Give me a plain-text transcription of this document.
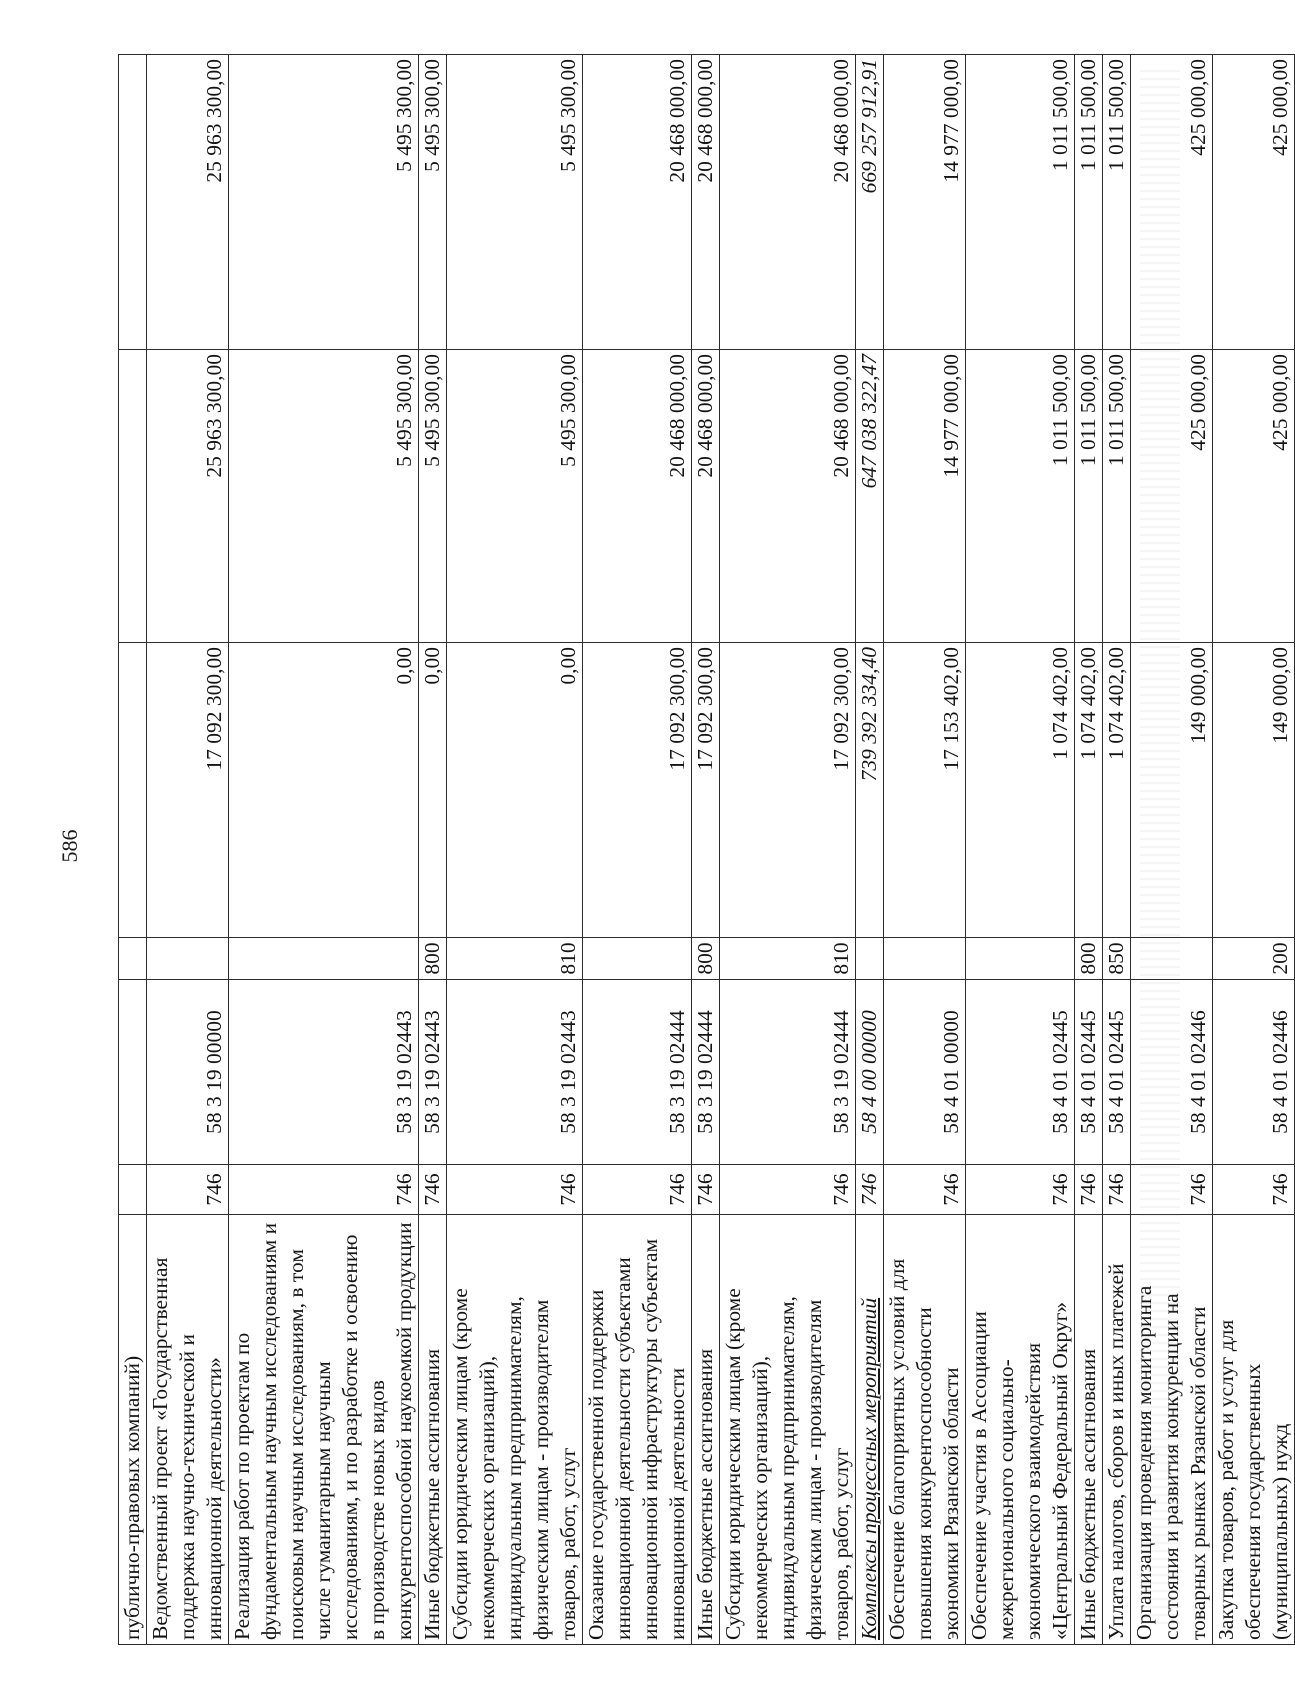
586
публично-правовых компаний)						
Ведомственный проект «Государственная поддержка научно-технической и инновационной деятельности»	746	58 3 19 00000		17 092 300,00	25 963 300,00	25 963 300,00
Реализация работ по проектам по фундаментальным научным исследованиям и поисковым научным исследованиям, в том числе гуманитарным научным исследованиям, и по разработке и освоению в производстве новых видов конкурентоспособной наукоемкой продукции	746	58 3 19 02443		0,00	5 495 300,00	5 495 300,00
Иные бюджетные ассигнования	746	58 3 19 02443	800	0,00	5 495 300,00	5 495 300,00
Субсидии юридическим лицам (кроме некоммерческих организаций), индивидуальным предпринимателям, физическим лицам - производителям товаров, работ, услуг	746	58 3 19 02443	810	0,00	5 495 300,00	5 495 300,00
Оказание государственной поддержки инновационной деятельности субъектами инновационной инфраструктуры субъектам инновационной деятельности	746	58 3 19 02444		17 092 300,00	20 468 000,00	20 468 000,00
Иные бюджетные ассигнования	746	58 3 19 02444	800	17 092 300,00	20 468 000,00	20 468 000,00
Субсидии юридическим лицам (кроме некоммерческих организаций), индивидуальным предпринимателям, физическим лицам - производителям товаров, работ, услуг	746	58 3 19 02444	810	17 092 300,00	20 468 000,00	20 468 000,00
Комплексы процессных мероприятий	746	58 4 00 00000		739 392 334,40	647 038 322,47	669 257 912,91
Обеспечение благоприятных условий для повышения конкурентоспособности экономики Рязанской области	746	58 4 01 00000		17 153 402,00	14 977 000,00	14 977 000,00
Обеспечение участия в Ассоциации межрегионального социально-экономического взаимодействия «Центральный Федеральный Округ»	746	58 4 01 02445		1 074 402,00	1 011 500,00	1 011 500,00
Иные бюджетные ассигнования	746	58 4 01 02445	800	1 074 402,00	1 011 500,00	1 011 500,00
Уплата налогов, сборов и иных платежей	746	58 4 01 02445	850	1 074 402,00	1 011 500,00	1 011 500,00
Организация проведения мониторинга состояния и развития конкуренции на товарных рынках Рязанской области	746	58 4 01 02446		149 000,00	425 000,00	425 000,00
Закупка товаров, работ и услуг для обеспечения государственных (муниципальных) нужд	746	58 4 01 02446	200	149 000,00	425 000,00	425 000,00
